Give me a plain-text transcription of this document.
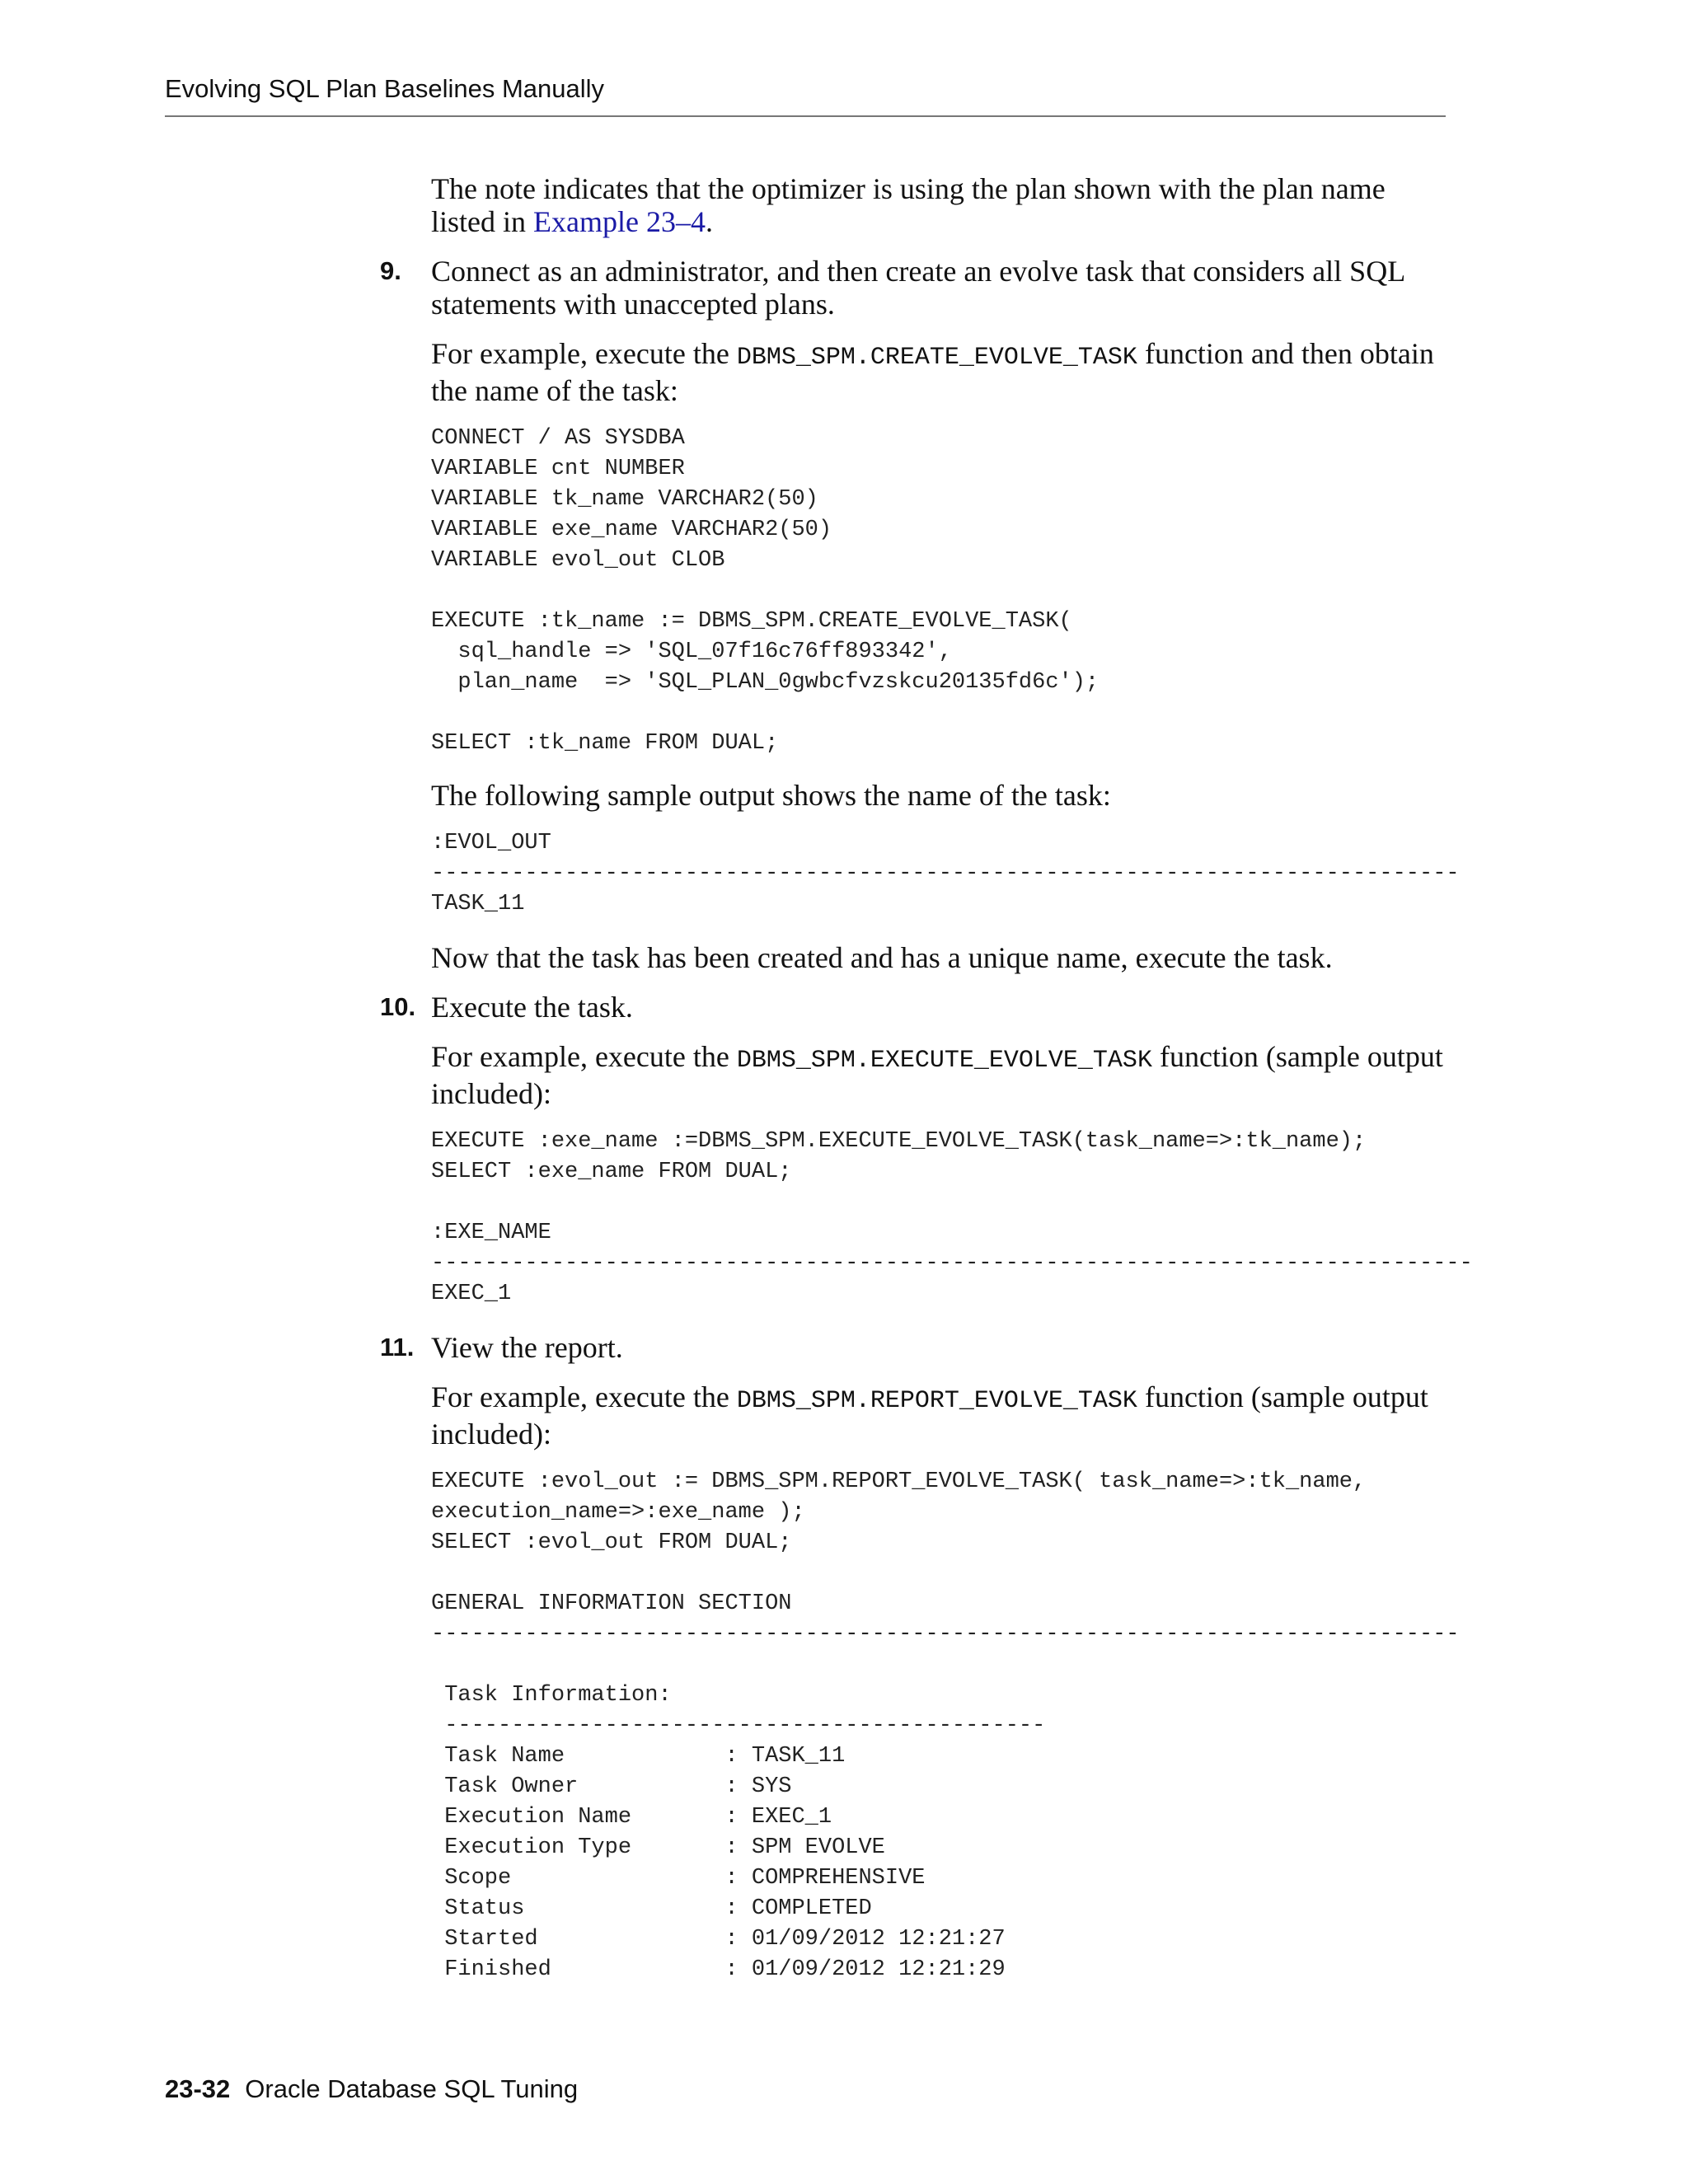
Evolving SQL Plan Baselines Manually

The note indicates that the optimizer is using the plan shown with the plan name listed in Example 23–4.

9. Connect as an administrator, and then create an evolve task that considers all SQL statements with unaccepted plans.

For example, execute the DBMS_SPM.CREATE_EVOLVE_TASK function and then obtain the name of the task:

CONNECT / AS SYSDBA
VARIABLE cnt NUMBER
VARIABLE tk_name VARCHAR2(50)
VARIABLE exe_name VARCHAR2(50)
VARIABLE evol_out CLOB

EXECUTE :tk_name := DBMS_SPM.CREATE_EVOLVE_TASK(
sql_handle => 'SQL_07f16c76ff893342',
plan_name  => 'SQL_PLAN_0gwbcfvzskcu20135fd6c');

SELECT :tk_name FROM DUAL;

The following sample output shows the name of the task:

:EVOL_OUT
-----------------------------------------------------------------------------
TASK_11

Now that the task has been created and has a unique name, execute the task.

10. Execute the task.

For example, execute the DBMS_SPM.EXECUTE_EVOLVE_TASK function (sample output included):

EXECUTE :exe_name :=DBMS_SPM.EXECUTE_EVOLVE_TASK(task_name=>:tk_name);
SELECT :exe_name FROM DUAL;

:EXE_NAME
------------------------------------------------------------------------------
EXEC_1
11. View the report.

For example, execute the DBMS_SPM.REPORT_EVOLVE_TASK function (sample output included):

EXECUTE :evol_out := DBMS_SPM.REPORT_EVOLVE_TASK( task_name=>:tk_name,
execution_name=>:exe_name );
SELECT :evol_out FROM DUAL;

GENERAL INFORMATION SECTION
-----------------------------------------------------------------------------

Task Information:
---------------------------------------------
Task Name            : TASK_11
Task Owner           : SYS
Execution Name       : EXEC_1
Execution Type       : SPM EVOLVE
Scope                : COMPREHENSIVE
Status               : COMPLETED
Started              : 01/09/2012 12:21:27
Finished             : 01/09/2012 12:21:29
23-32 Oracle Database SQL Tuning
